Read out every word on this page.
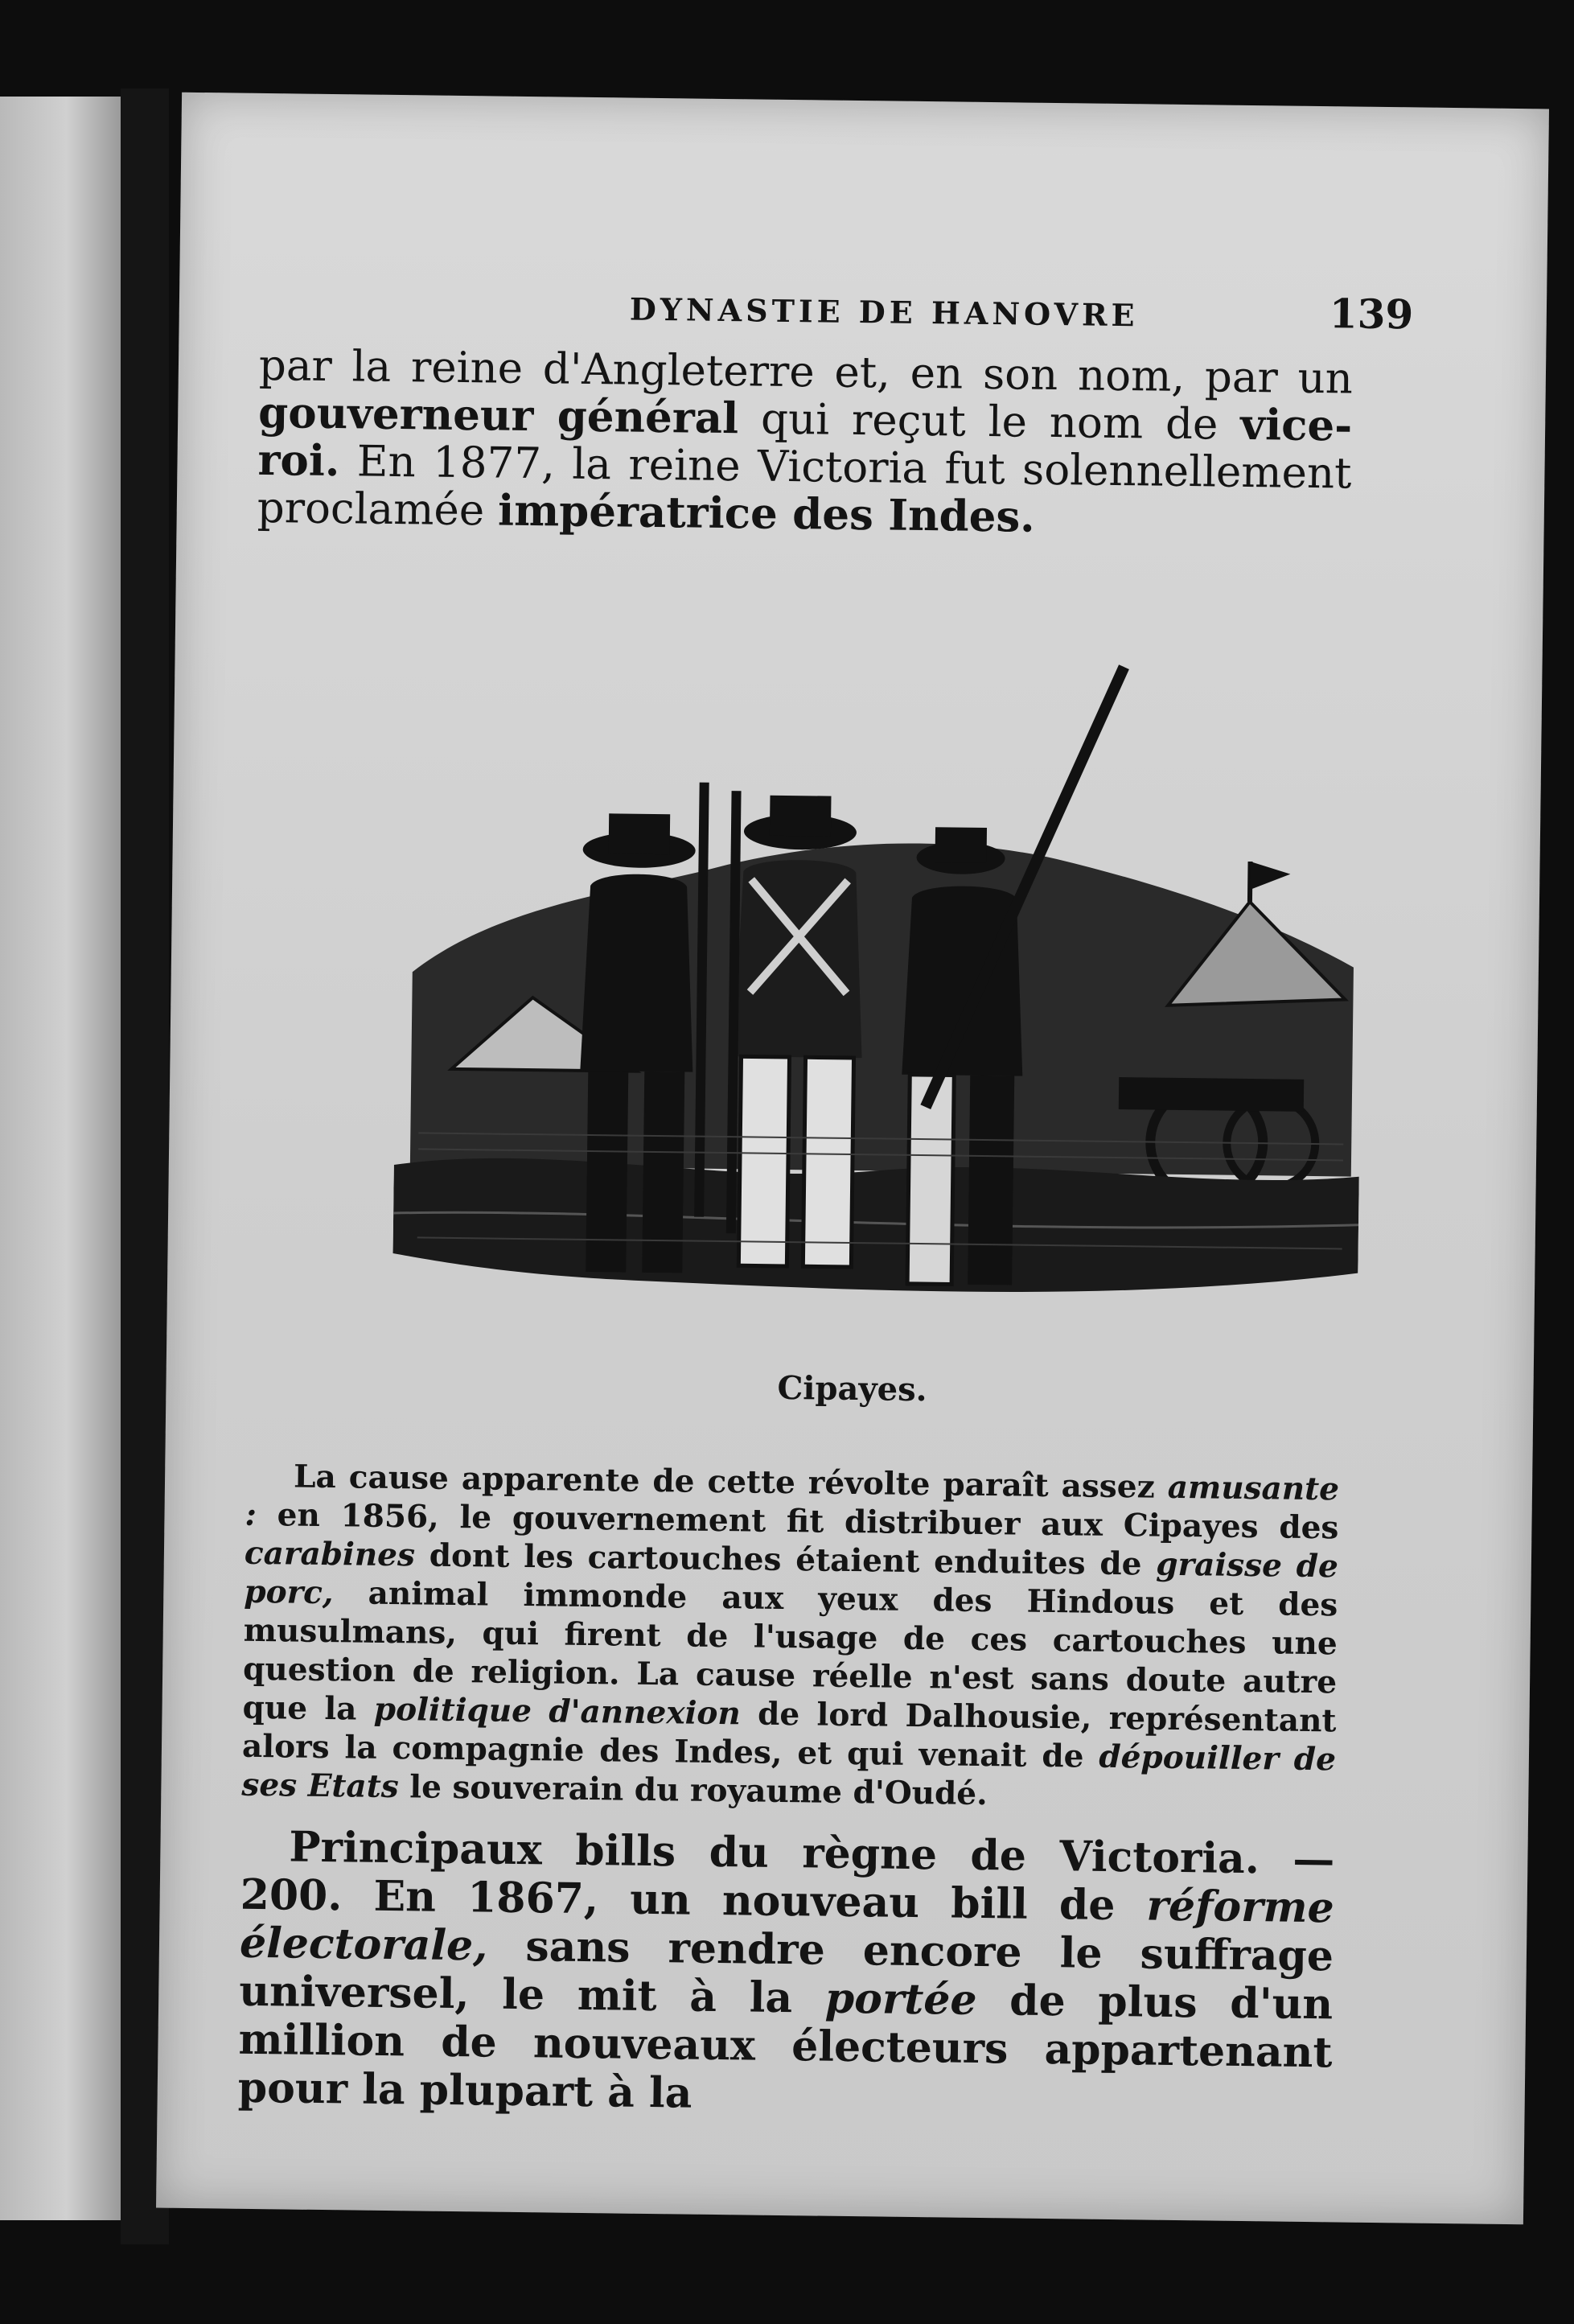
DYNASTIE DE HANOVRE	139

par la reine d'Angleterre et, en son nom, par un gouverneur général qui reçut le nom de vice-roi. En 1877, la reine Victoria fut solennellement proclamée impératrice des Indes.

Cipayes.

La cause apparente de cette révolte paraît assez amusante : en 1856, le gouvernement fit distribuer aux Cipayes des carabines dont les cartouches étaient enduites de graisse de porc, animal immonde aux yeux des Hindous et des musulmans, qui firent de l'usage de ces cartouches une question de religion. La cause réelle n'est sans doute autre que la politique d'annexion de lord Dalhousie, représentant alors la compagnie des Indes, et qui venait de dépouiller de ses Etats le souverain du royaume d'Oudé.

Principaux bills du règne de Victoria. — 200. En 1867, un nouveau bill de réforme électorale, sans rendre encore le suffrage universel, le mit à la portée de plus d'un million de nouveaux électeurs appartenant pour la plupart à la
